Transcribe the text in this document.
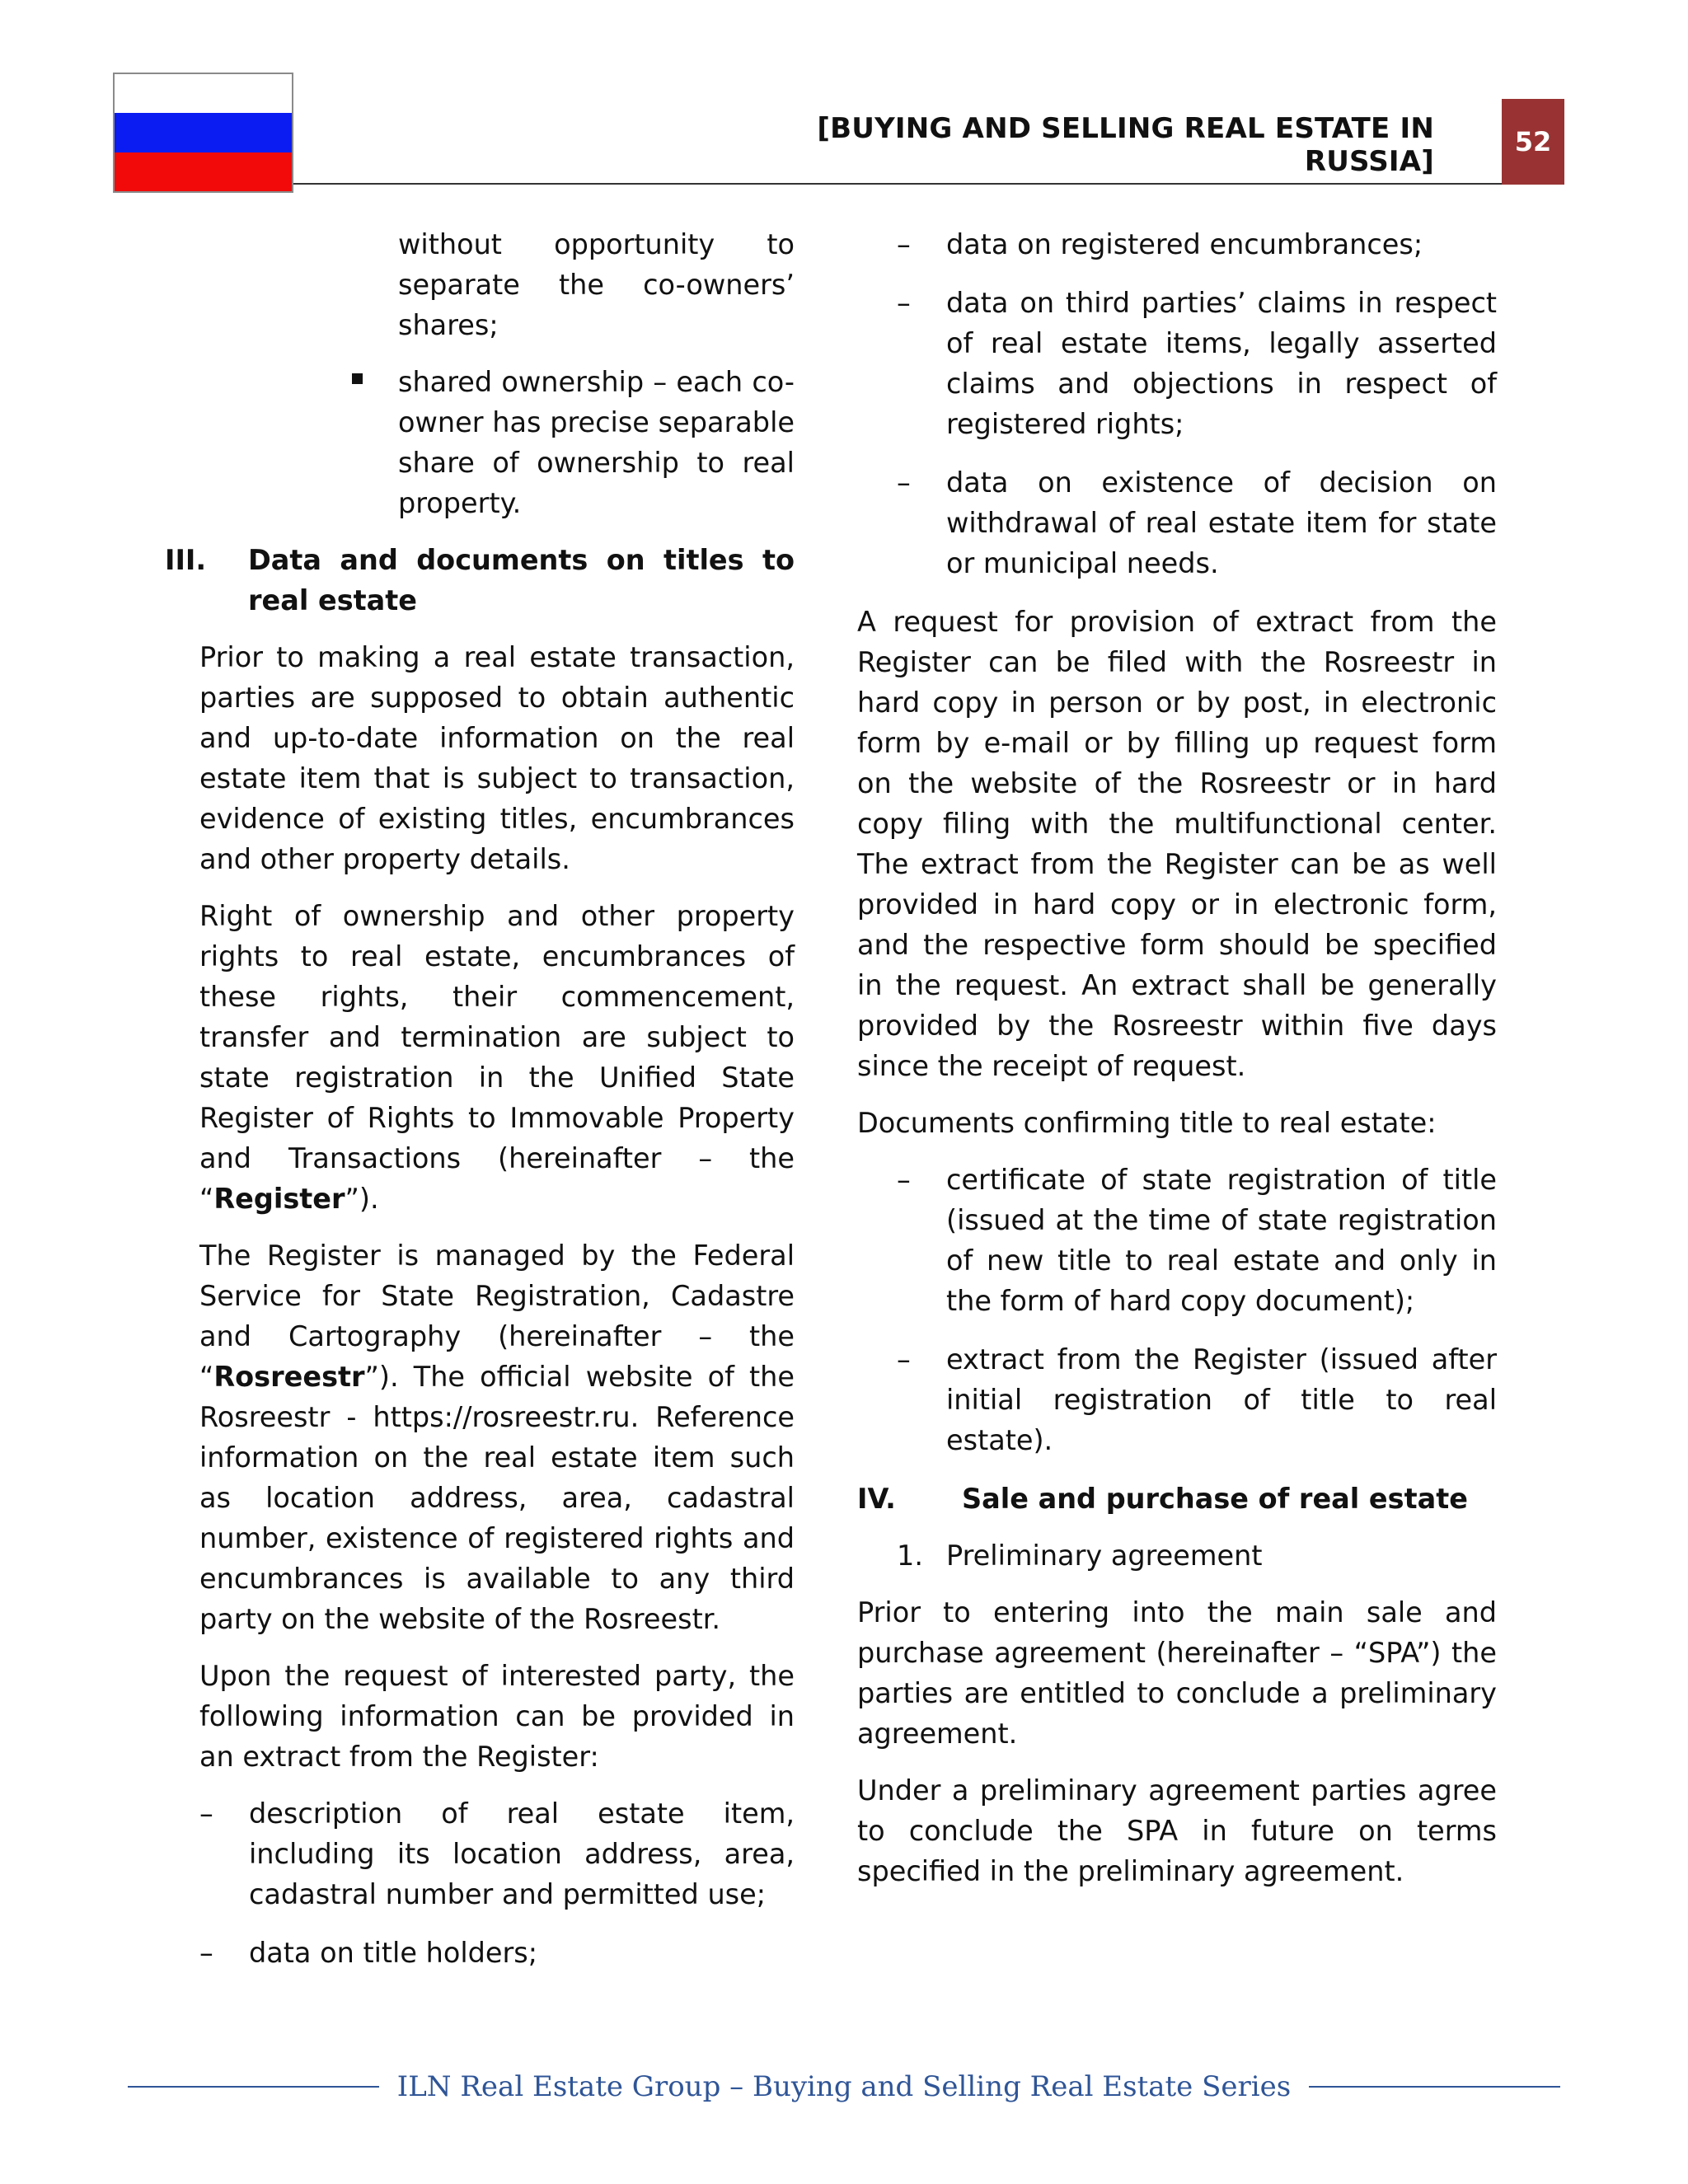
[BUYING AND SELLING REAL ESTATE IN RUSSIA]
52

without opportunity to separate the co-owners’ shares;

shared ownership – each co-owner has precise separable share of ownership to real property.
III. Data and documents on titles to real estate

Prior to making a real estate transaction, parties are supposed to obtain authentic and up-to-date information on the real estate item that is subject to transaction, evidence of existing titles, encumbrances and other property details.

Right of ownership and other property rights to real estate, encumbrances of these rights, their commencement, transfer and termination are subject to state registration in the Unified State Register of Rights to Immovable Property and Transactions (hereinafter – the “Register”).

The Register is managed by the Federal Service for State Registration, Cadastre and Cartography (hereinafter – the “Rosreestr”). The official website of the Rosreestr - https://rosreestr.ru. Reference information on the real estate item such as location address, area, cadastral number, existence of registered rights and encumbrances is available to any third party on the website of the Rosreestr.

Upon the request of interested party, the following information can be provided in an extract from the Register:

– description of real estate item, including its location address, area, cadastral number and permitted use;
– data on title holders;
– data on registered encumbrances;
– data on third parties’ claims in respect of real estate items, legally asserted claims and objections in respect of registered rights;
– data on existence of decision on withdrawal of real estate item for state or municipal needs.

A request for provision of extract from the Register can be filed with the Rosreestr in hard copy in person or by post, in electronic form by e-mail or by filling up request form on the website of the Rosreestr or in hard copy filing with the multifunctional center. The extract from the Register can be as well provided in hard copy or in electronic form, and the respective form should be specified in the request. An extract shall be generally provided by the Rosreestr within five days since the receipt of request.

Documents confirming title to real estate:

– certificate of state registration of title (issued at the time of state registration of new title to real estate and only in the form of hard copy document);
– extract from the Register (issued after initial registration of title to real estate).
IV. Sale and purchase of real estate
1. Preliminary agreement

Prior to entering into the main sale and purchase agreement (hereinafter – “SPA”) the parties are entitled to conclude a preliminary agreement.

Under a preliminary agreement parties agree to conclude the SPA in future on terms specified in the preliminary agreement.

ILN Real Estate Group – Buying and Selling Real Estate Series
